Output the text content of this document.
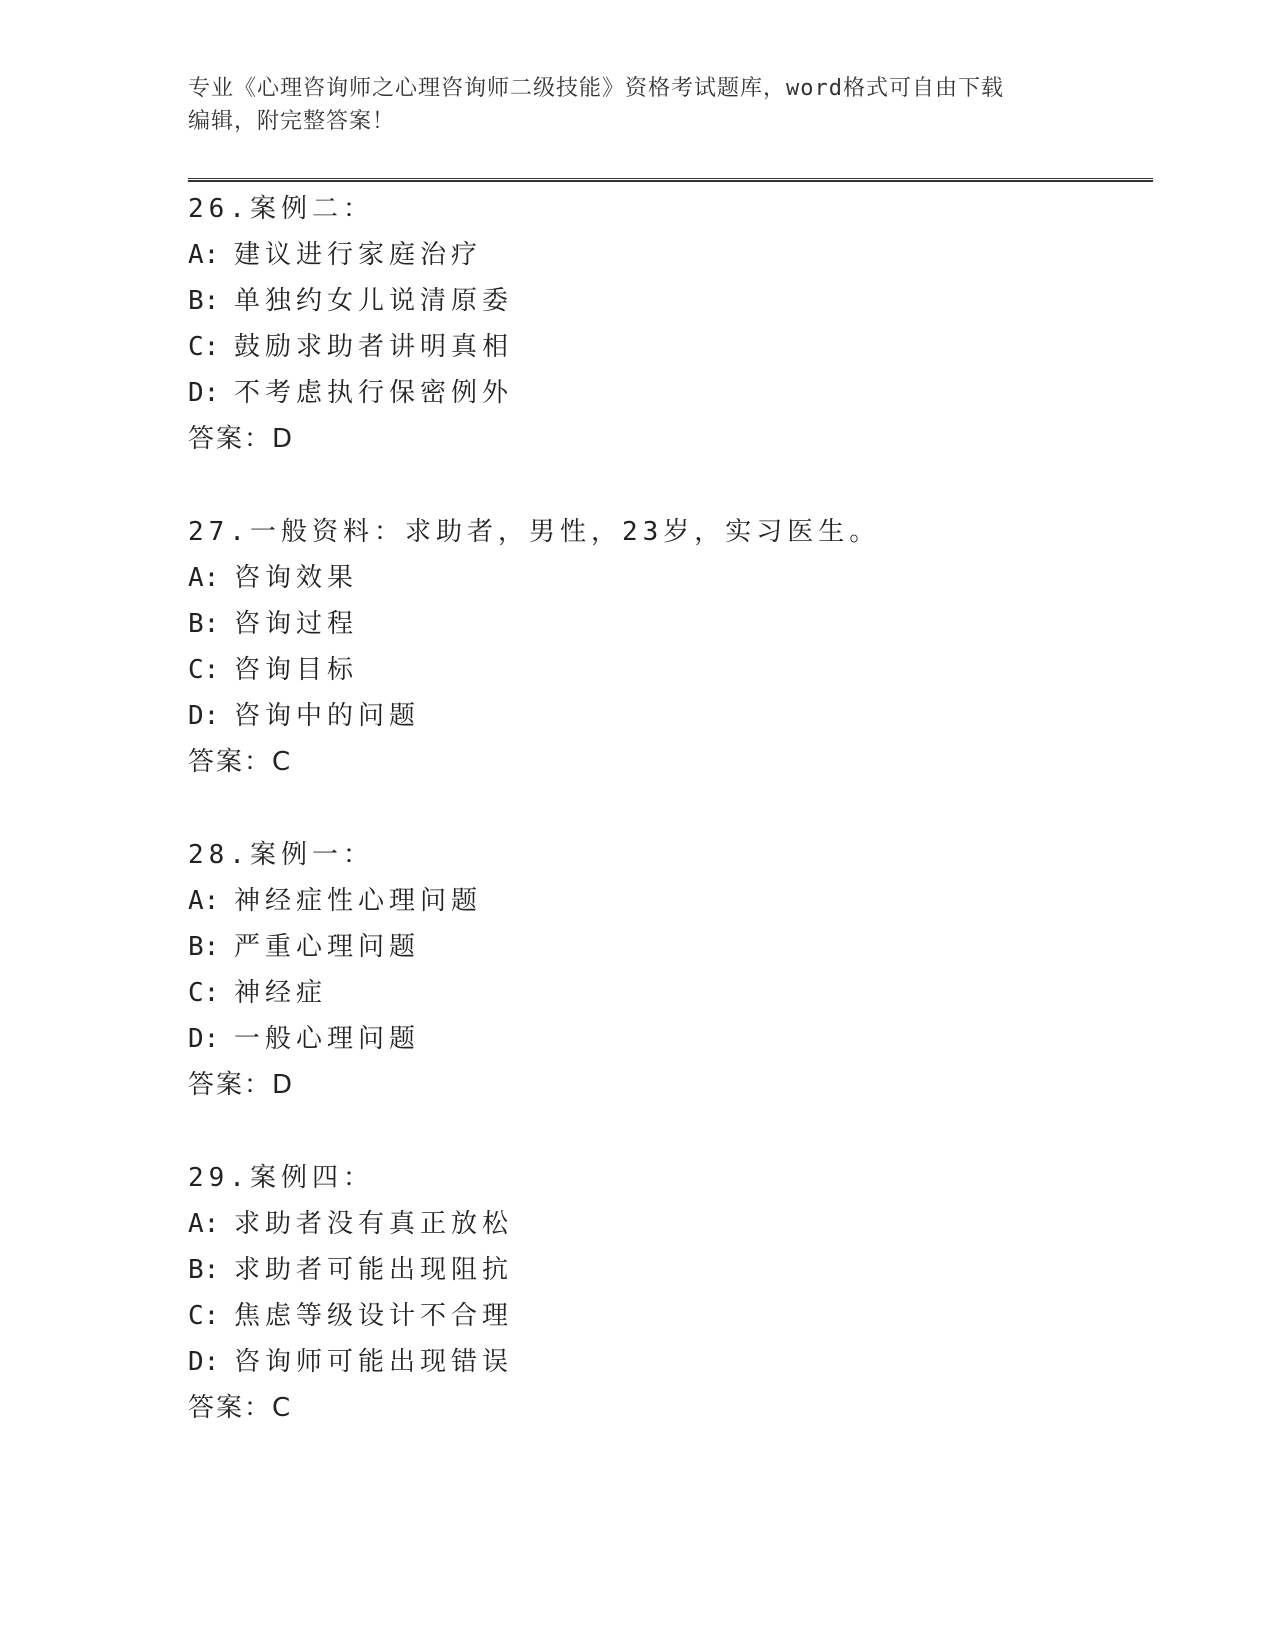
专业《心理咨询师之心理咨询师二级技能》资格考试题库，word格式可自由下载
编辑，附完整答案！
26.案例二：
A: 建议进行家庭治疗
B: 单独约女儿说清原委
C: 鼓励求助者讲明真相
D: 不考虑执行保密例外
答案：D
27.一般资料：求助者，男性，23岁，实习医生。
A: 咨询效果
B: 咨询过程
C: 咨询目标
D: 咨询中的问题
答案：C
28.案例一：
A: 神经症性心理问题
B: 严重心理问题
C: 神经症
D: 一般心理问题
答案：D
29.案例四：
A: 求助者没有真正放松
B: 求助者可能出现阻抗
C: 焦虑等级设计不合理
D: 咨询师可能出现错误
答案：C
